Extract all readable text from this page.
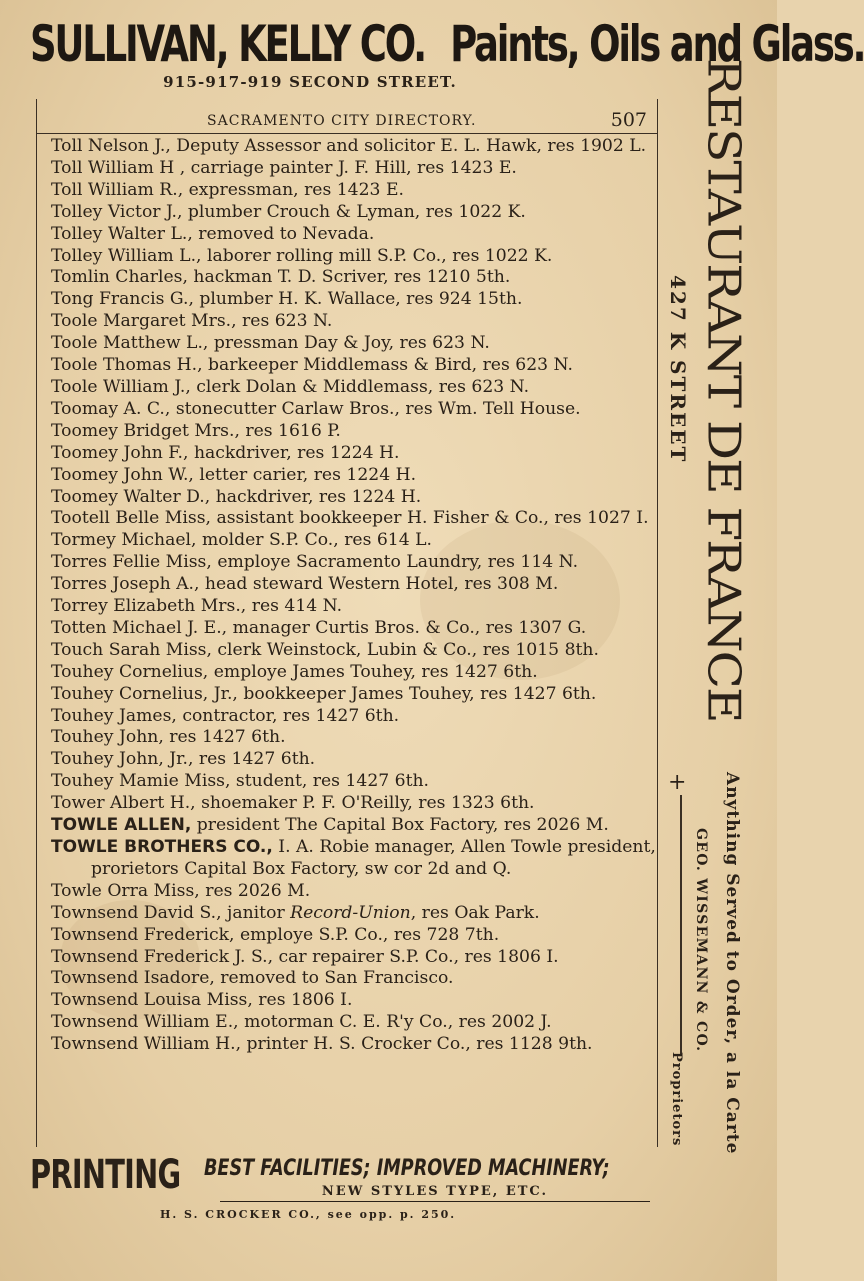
SULLIVAN, KELLY CO. Paints, Oils and Glass.
915-917-919 SECOND STREET.
SACRAMENTO CITY DIRECTORY.	507
Toll Nelson J., Deputy Assessor and solicitor E. L. Hawk, res 1902 L.
Toll William H , carriage painter J. F. Hill, res 1423 E.
Toll William R., expressman, res 1423 E.
Tolley Victor J., plumber Crouch & Lyman, res 1022 K.
Tolley Walter L., removed to Nevada.
Tolley William L., laborer rolling mill S.P. Co., res 1022 K.
Tomlin Charles, hackman T. D. Scriver, res 1210 5th.
Tong Francis G., plumber H. K. Wallace, res 924 15th.
Toole Margaret Mrs., res 623 N.
Toole Matthew L., pressman Day & Joy, res 623 N.
Toole Thomas H., barkeeper Middlemass & Bird, res 623 N.
Toole William J., clerk Dolan & Middlemass, res 623 N.
Toomay A. C., stonecutter Carlaw Bros., res Wm. Tell House.
Toomey Bridget Mrs., res 1616 P.
Toomey John F., hackdriver, res 1224 H.
Toomey John W., letter carier, res 1224 H.
Toomey Walter D., hackdriver, res 1224 H.
Tootell Belle Miss, assistant bookkeeper H. Fisher & Co., res 1027 I.
Tormey Michael, molder S.P. Co., res 614 L.
Torres Fellie Miss, employe Sacramento Laundry, res 114 N.
Torres Joseph A., head steward Western Hotel, res 308 M.
Torrey Elizabeth Mrs., res 414 N.
Totten Michael J. E., manager Curtis Bros. & Co., res 1307 G.
Touch Sarah Miss, clerk Weinstock, Lubin & Co., res 1015 8th.
Touhey Cornelius, employe James Touhey, res 1427 6th.
Touhey Cornelius, Jr., bookkeeper James Touhey, res 1427 6th.
Touhey James, contractor, res 1427 6th.
Touhey John, res 1427 6th.
Touhey John, Jr., res 1427 6th.
Touhey Mamie Miss, student, res 1427 6th.
Tower Albert H., shoemaker P. F. O'Reilly, res 1323 6th.
TOWLE ALLEN, president The Capital Box Factory, res 2026 M.
TOWLE BROTHERS CO., I. A. Robie manager, Allen Towle president, prorietors Capital Box Factory, sw cor 2d and Q.
Towle Orra Miss, res 2026 M.
Townsend David S., janitor Record-Union, res Oak Park.
Townsend Frederick, employe S.P. Co., res 728 7th.
Townsend Frederick J. S., car repairer S.P. Co., res 1806 I.
Townsend Isadore, removed to San Francisco.
Townsend Louisa Miss, res 1806 I.
Townsend William E., motorman C. E. R'y Co., res 2002 J.
Townsend William H., printer H. S. Crocker Co., res 1128 9th.
RESTAURANT DE FRANCE
427 K STREET
+ Anything Served to Order, a la Carte
GEO. WISSEMANN & CO.
Proprietors
PRINTING BEST FACILITIES; IMPROVED MACHINERY;
NEW STYLES TYPE, ETC.
H. S. CROCKER CO., see opp. p. 250.
